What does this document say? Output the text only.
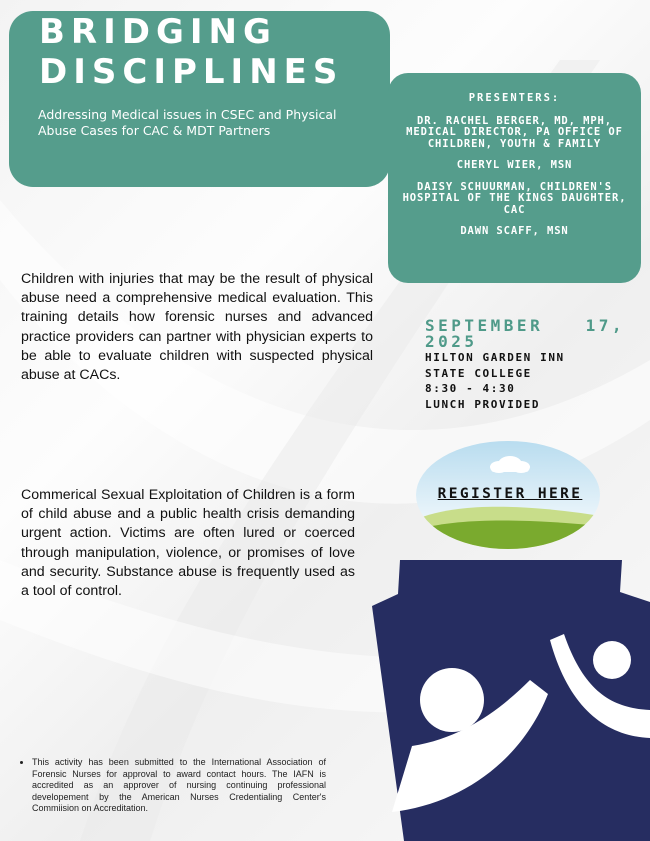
BRIDGING
DISCIPLINES
Addressing Medical issues in CSEC and Physical Abuse Cases for CAC & MDT Partners
PRESENTERS:
DR. RACHEL BERGER, MD, MPH, MEDICAL DIRECTOR, PA OFFICE OF CHILDREN, YOUTH & FAMILY
CHERYL WIER, MSN
DAISY SCHUURMAN, CHILDREN'S HOSPITAL OF THE KINGS DAUGHTER, CAC
DAWN SCAFF, MSN
Children with injuries that may be the result of physical abuse need a comprehensive medical evaluation. This training details how forensic nurses and advanced practice providers can partner with physician experts to be able to evaluate children with suspected physical abuse at CACs.
SEPTEMBER 17,
2025
HILTON GARDEN INN
STATE COLLEGE
8:30 - 4:30
LUNCH PROVIDED
REGISTER HERE
Commerical Sexual Exploitation of Children is a form of child abuse and a public health crisis demanding urgent action. Victims are often lured or coerced through manipulation, violence, or promises of love and security. Substance abuse is frequently used as a tool of control.
• This activity has been submitted to the International Association of Forensic Nurses for approval to award contact hours. The IAFN is accredited as an approver of nursing continuing professional developement by the American Nurses Credentialing Center's Commiision on Accreditation.
